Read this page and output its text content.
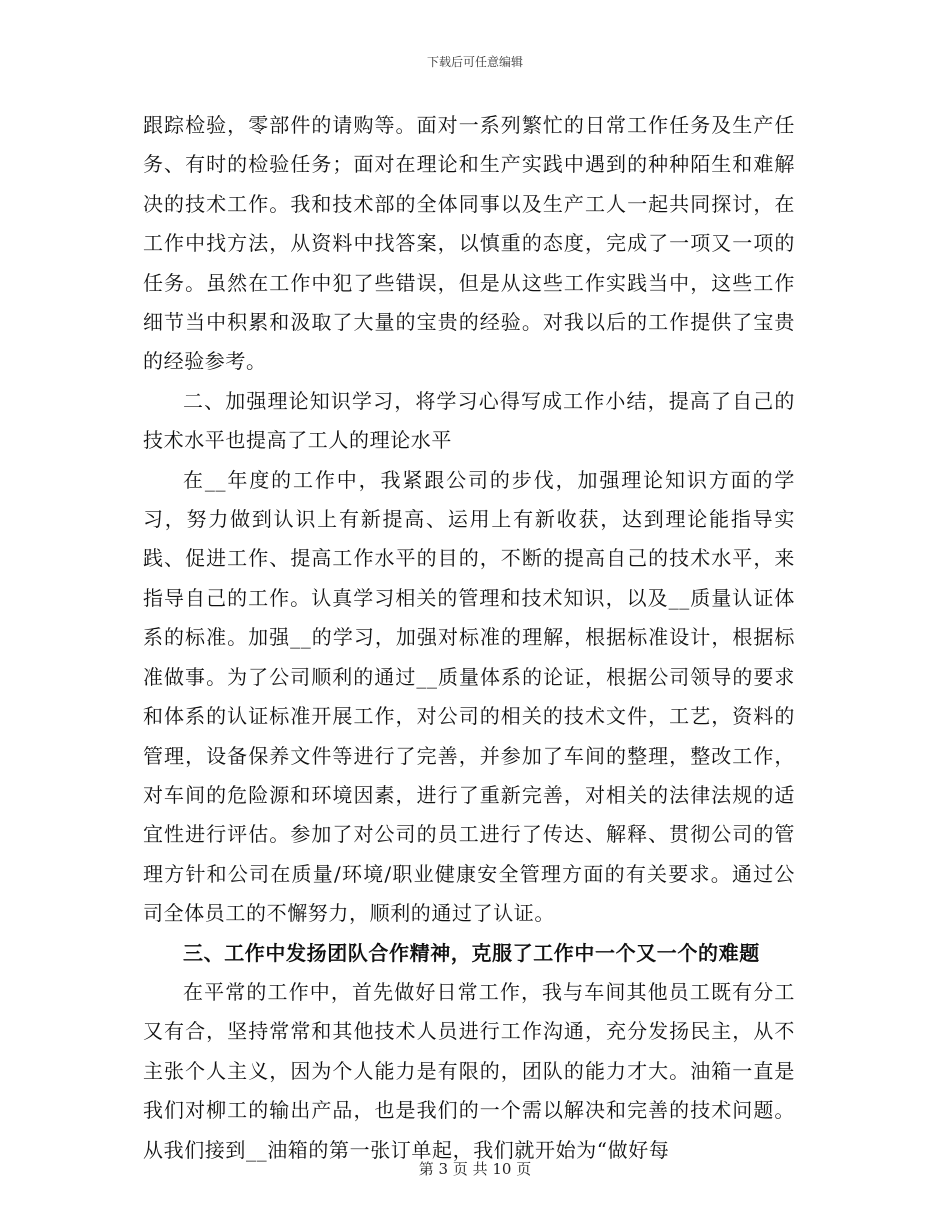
下载后可任意编辑

跟踪检验，零部件的请购等。面对一系列繁忙的日常工作任务及生产任务、有时的检验任务；面对在理论和生产实践中遇到的种种陌生和难解决的技术工作。我和技术部的全体同事以及生产工人一起共同探讨，在工作中找方法，从资料中找答案，以慎重的态度，完成了一项又一项的任务。虽然在工作中犯了些错误，但是从这些工作实践当中，这些工作细节当中积累和汲取了大量的宝贵的经验。对我以后的工作提供了宝贵的经验参考。

二、加强理论知识学习，将学习心得写成工作小结，提高了自己的技术水平也提高了工人的理论水平

在__年度的工作中，我紧跟公司的步伐，加强理论知识方面的学习，努力做到认识上有新提高、运用上有新收获，达到理论能指导实践、促进工作、提高工作水平的目的，不断的提高自己的技术水平，来指导自己的工作。认真学习相关的管理和技术知识，以及__质量认证体系的标准。加强__的学习，加强对标准的理解，根据标准设计，根据标准做事。为了公司顺利的通过__质量体系的论证，根据公司领导的要求和体系的认证标准开展工作，对公司的相关的技术文件，工艺，资料的管理，设备保养文件等进行了完善，并参加了车间的整理，整改工作，对车间的危险源和环境因素，进行了重新完善，对相关的法律法规的适宜性进行评估。参加了对公司的员工进行了传达、解释、贯彻公司的管理方针和公司在质量/环境/职业健康安全管理方面的有关要求。通过公司全体员工的不懈努力，顺利的通过了认证。

三、工作中发扬团队合作精神，克服了工作中一个又一个的难题

在平常的工作中，首先做好日常工作，我与车间其他员工既有分工又有合，坚持常常和其他技术人员进行工作沟通，充分发扬民主，从不主张个人主义，因为个人能力是有限的，团队的能力才大。油箱一直是我们对柳工的输出产品，也是我们的一个需以解决和完善的技术问题。从我们接到__油箱的第一张订单起，我们就开始为“做好每

第 3 页 共 10 页
